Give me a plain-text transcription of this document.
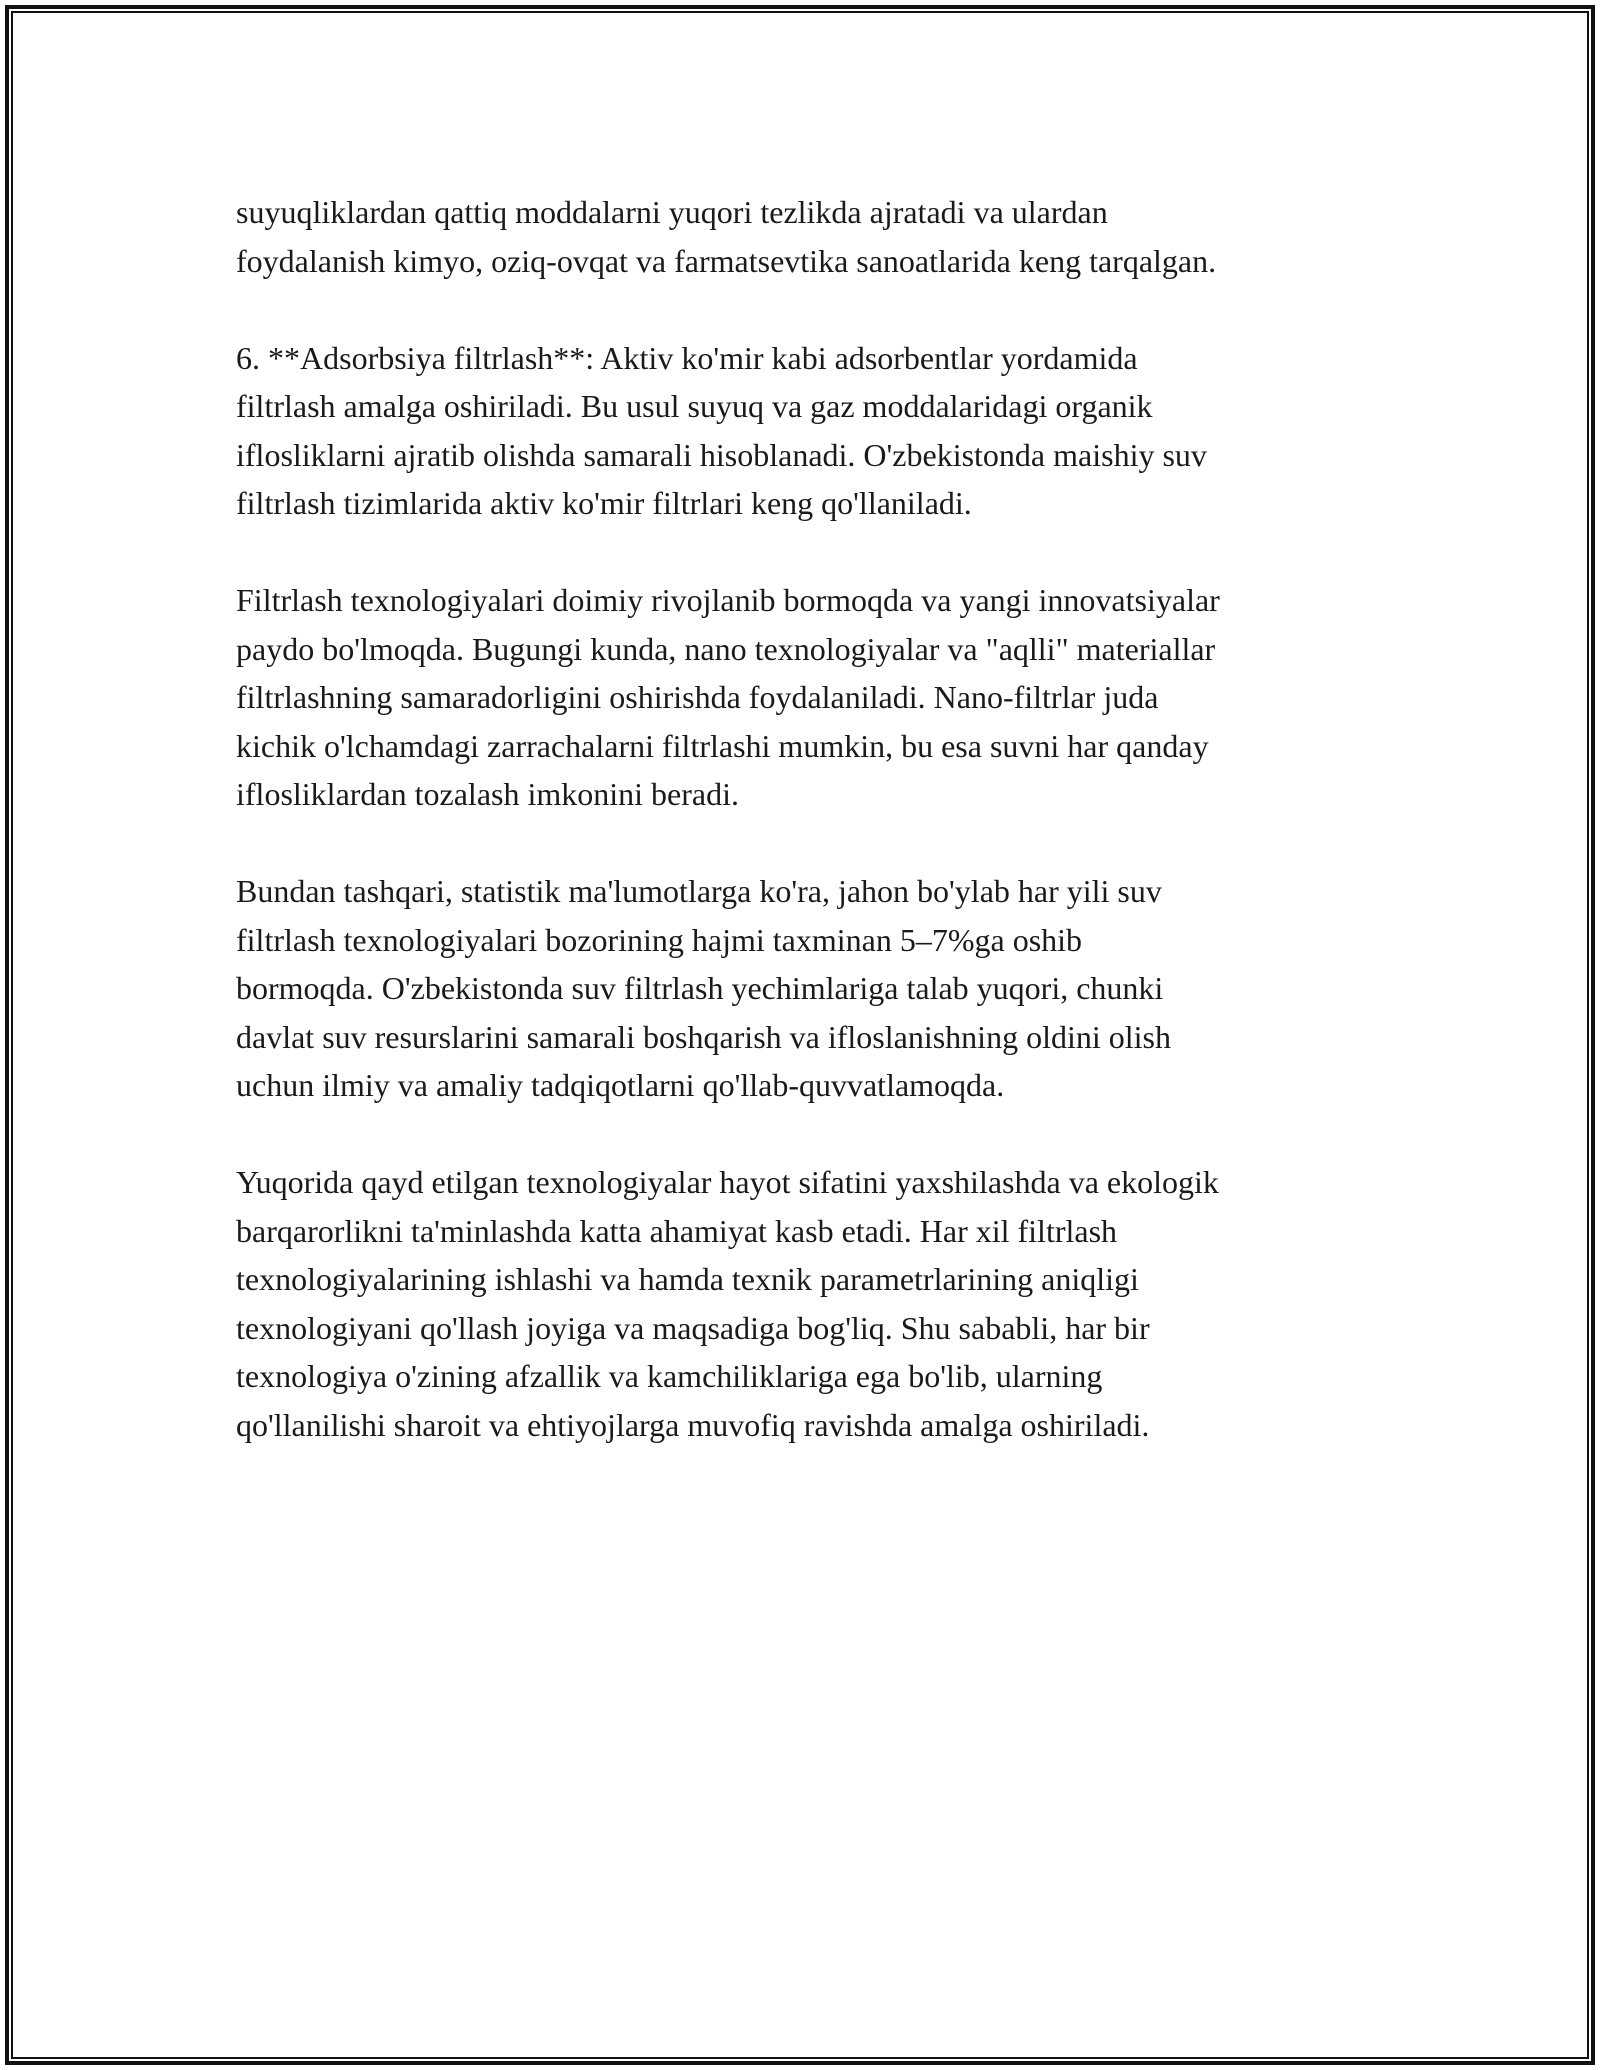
suyuqliklardan qattiq moddalarni yuqori tezlikda ajratadi va ulardan
foydalanish kimyo, oziq-ovqat va farmatsevtika sanoatlarida keng tarqalgan.

6. **Adsorbsiya filtrlash**: Aktiv ko'mir kabi adsorbentlar yordamida
filtrlash amalga oshiriladi. Bu usul suyuq va gaz moddalaridagi organik
iflosliklarni ajratib olishda samarali hisoblanadi. O'zbekistonda maishiy suv
filtrlash tizimlarida aktiv ko'mir filtrlari keng qo'llaniladi.

Filtrlash texnologiyalari doimiy rivojlanib bormoqda va yangi innovatsiyalar
paydo bo'lmoqda. Bugungi kunda, nano texnologiyalar va "aqlli" materiallar
filtrlashning samaradorligini oshirishda foydalaniladi. Nano-filtrlar juda
kichik o'lchamdagi zarrachalarni filtrlashi mumkin, bu esa suvni har qanday
iflosliklardan tozalash imkonini beradi.

Bundan tashqari, statistik ma'lumotlarga ko'ra, jahon bo'ylab har yili suv
filtrlash texnologiyalari bozorining hajmi taxminan 5–7%ga oshib
bormoqda. O'zbekistonda suv filtrlash yechimlariga talab yuqori, chunki
davlat suv resurslarini samarali boshqarish va ifloslanishning oldini olish
uchun ilmiy va amaliy tadqiqotlarni qo'llab-quvvatlamoqda.

Yuqorida qayd etilgan texnologiyalar hayot sifatini yaxshilashda va ekologik
barqarorlikni ta'minlashda katta ahamiyat kasb etadi. Har xil filtrlash
texnologiyalarining ishlashi va hamda texnik parametrlarining aniqligi
texnologiyani qo'llash joyiga va maqsadiga bog'liq. Shu sababli, har bir
texnologiya o'zining afzallik va kamchiliklariga ega bo'lib, ularning
qo'llanilishi sharoit va ehtiyojlarga muvofiq ravishda amalga oshiriladi.
